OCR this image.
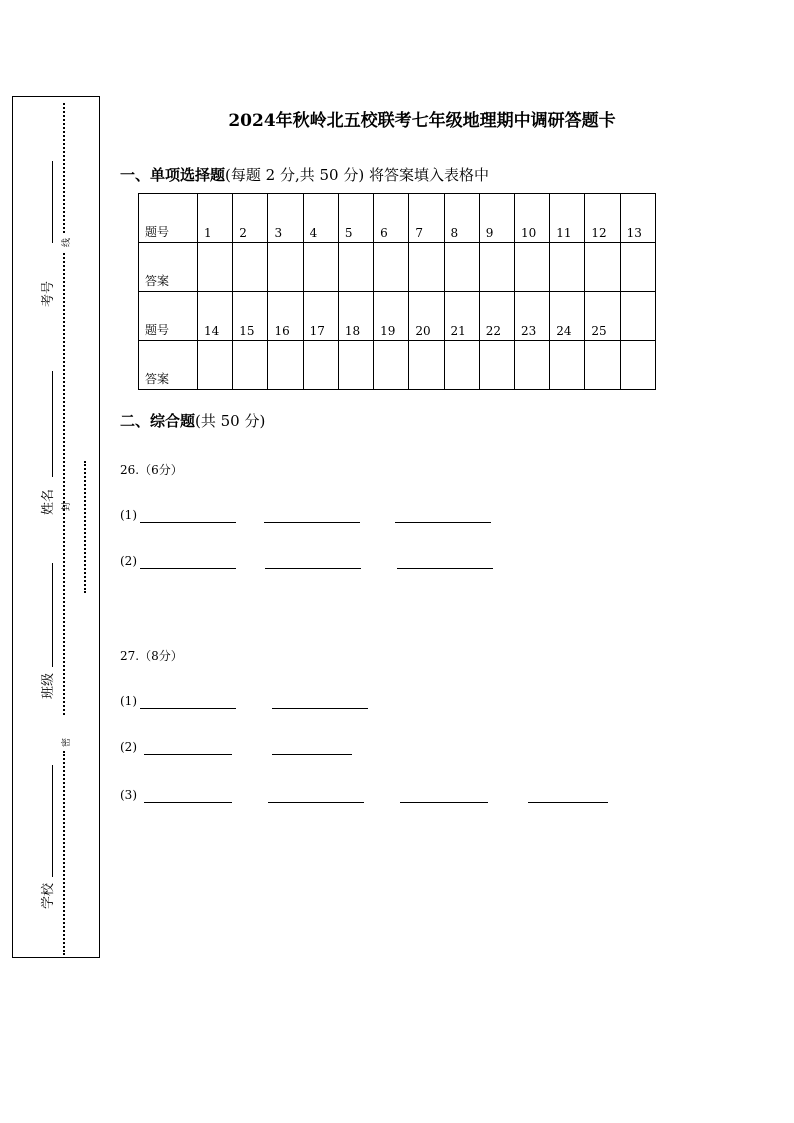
考号
姓名
班级
学校
线
封
密
2024年秋岭北五校联考七年级地理期中调研答题卡
一、单项选择题(每题 2 分,共 50 分) 将答案填入表格中
题号	1	2	3	4	5	6	7	8	9	10	11	12	13
答案													
题号	14	15	16	17	18	19	20	21	22	23	24	25	
答案													
二、综合题(共 50 分)
26.（6分）
(1)
(2)
27.（8分）
(1)
(2)
(3)
